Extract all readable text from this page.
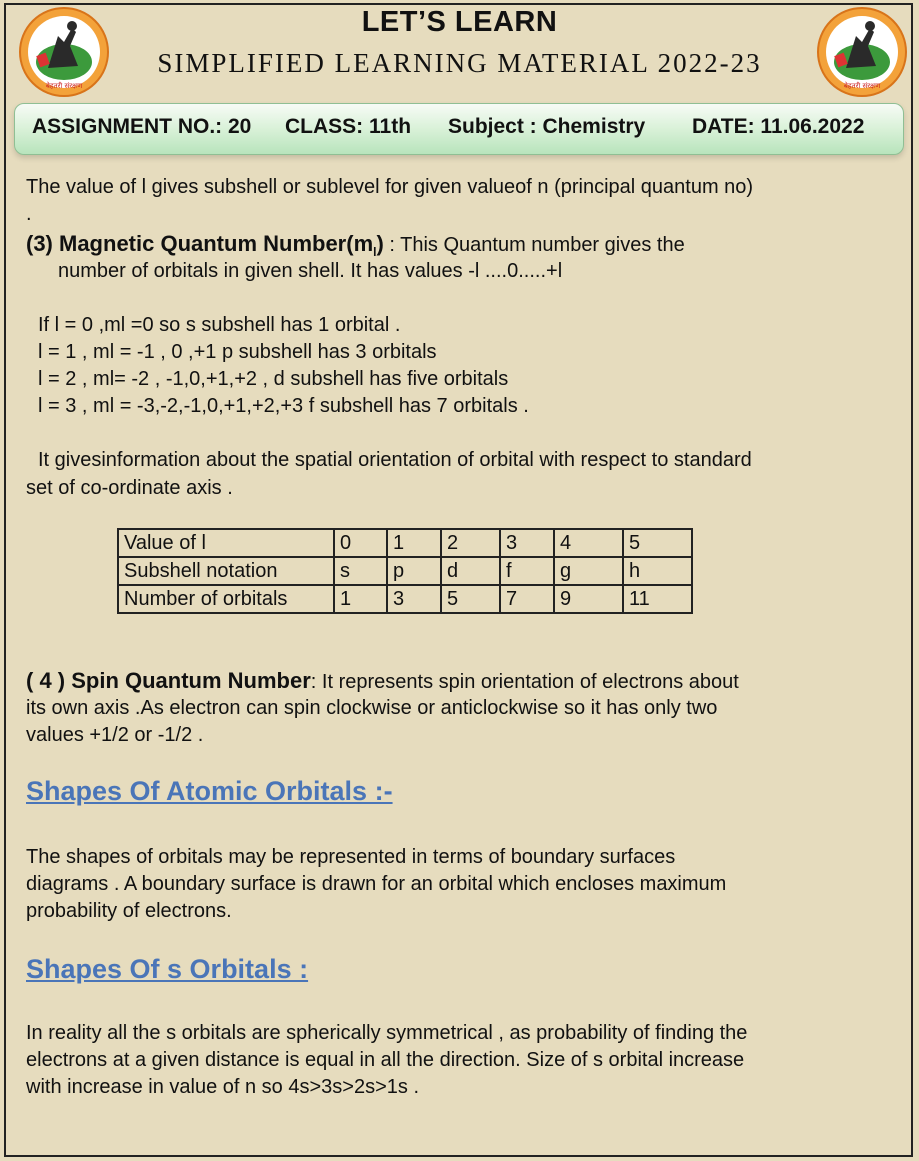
बेहतरी संरक्षण	बेहतरी संरक्षण
LET’S LEARN
SIMPLIFIED LEARNING MATERIAL 2022-23
ASSIGNMENT NO.: 20 CLASS: 11th Subject : Chemistry DATE: 11.06.2022
The value of l gives subshell or sublevel for given valueof n (principal quantum no)
.
(3) Magnetic Quantum $Number(m_l)$ : This Quantum number gives the
number of orbitals in given shell. It has values -l ....0.....+l
If l = 0 ,ml =0 so s subshell has 1 orbital .
l = 1 , ml = -1 , 0 ,+1 p subshell has 3 orbitals
l = 2 , ml= -2 , -1,0,+1,+2 , d subshell has five orbitals
l = 3 , ml = -3,-2,-1,0,+1,+2,+3 f subshell has 7 orbitals .
It givesinformation about the spatial orientation of orbital with respect to standard
set of co-ordinate axis .
Value of l	0	1	2	3	4	5
Subshell notation	s	p	d	f	g	h
Number of orbitals	1	3	5	7	9	11
( 4 ) Spin Quantum Number: It represents spin orientation of electrons about
its own axis .As electron can spin clockwise or anticlockwise so it has only two
values +1/2 or -1/2 .
Shapes Of Atomic Orbitals :-
The shapes of orbitals may be represented in terms of boundary surfaces
diagrams . A boundary surface is drawn for an orbital which encloses maximum
probability of electrons.
Shapes Of s Orbitals :
In reality all the s orbitals are spherically symmetrical , as probability of finding the
electrons at a given distance is equal in all the direction. Size of s orbital increase
with increase in value of n so 4s>3s>2s>1s .
